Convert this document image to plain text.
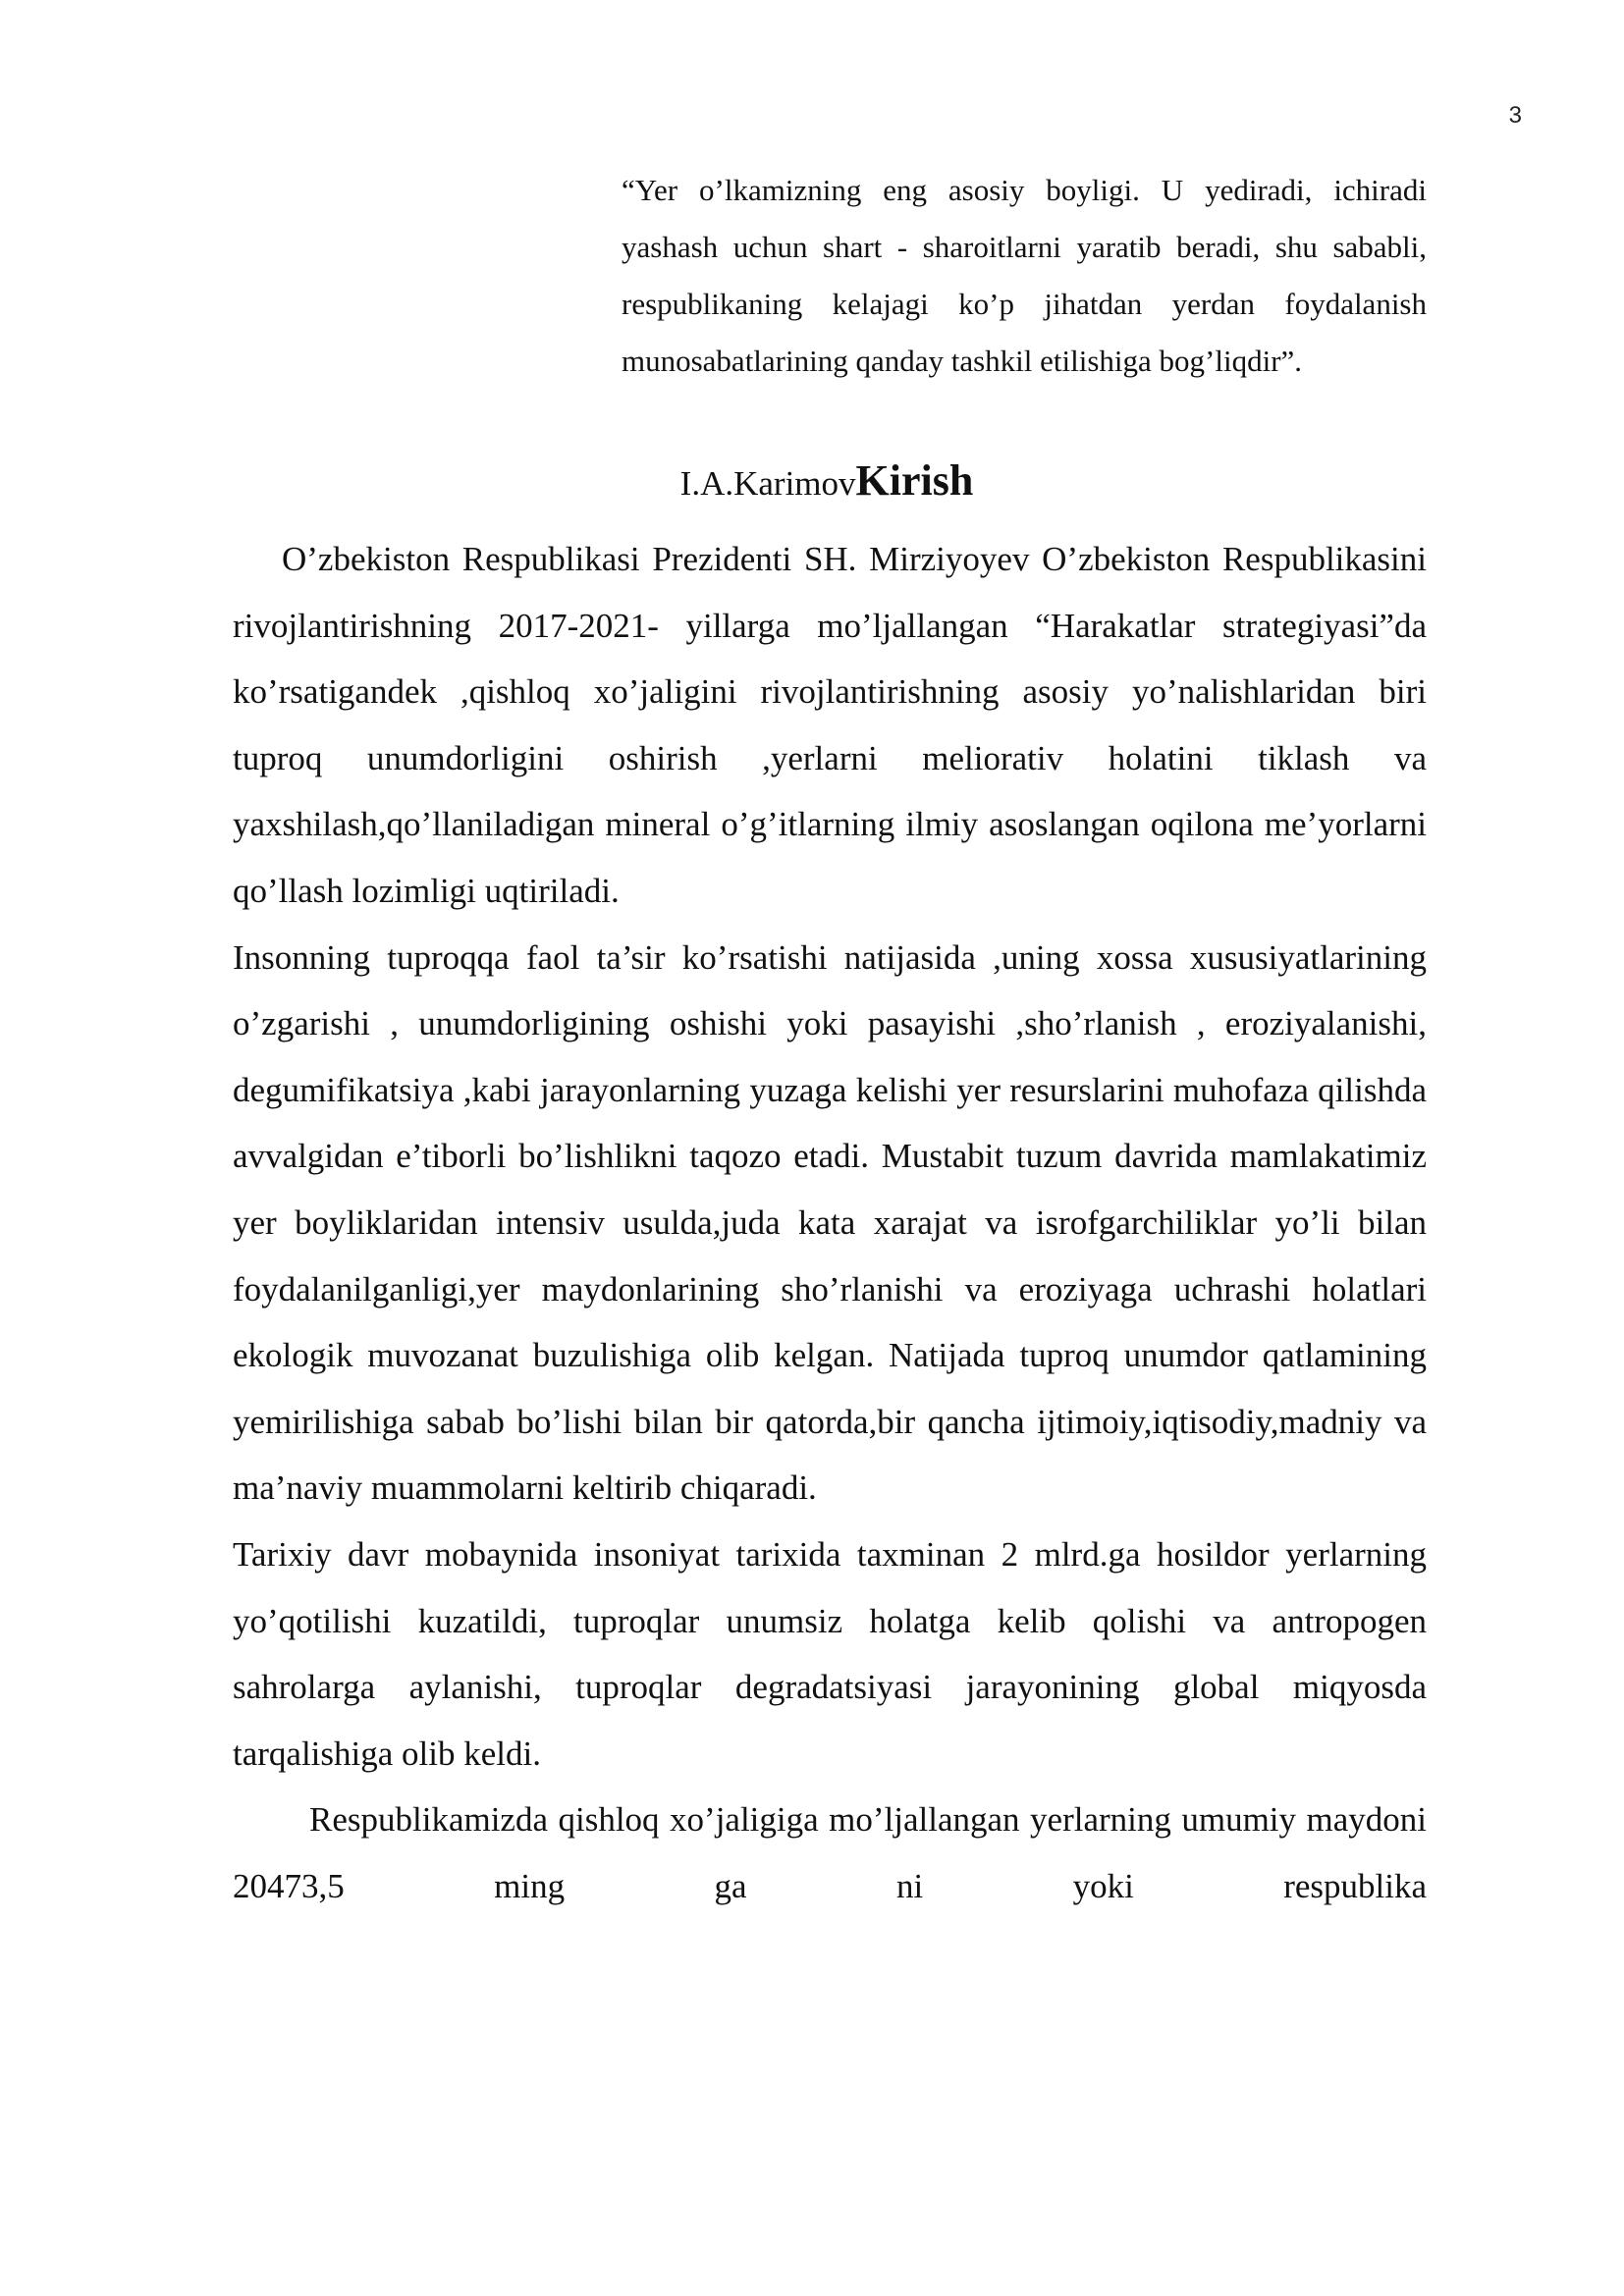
3
“Yer o’lkamizning eng asosiy boyligi. U yediradi, ichiradi yashash uchun shart - sharoitlarni yaratib beradi, shu sababli, respublikaning kelajagi ko’p jihatdan yerdan foydalanish munosabatlarining qanday tashkil etilishiga bog’liqdir”.
I.A.KarimovKirish

O’zbekiston Respublikasi Prezidenti SH. Mirziyoyev O’zbekiston Respublikasini rivojlantirishning 2017-2021- yillarga mo’ljallangan “Harakatlar strategiyasi”da ko’rsatigandek ,qishloq xo’jaligini rivojlantirishning asosiy yo’nalishlaridan biri tuproq unumdorligini oshirish ,yerlarni meliorativ holatini tiklash va yaxshilash,qo’llaniladigan mineral o’g’itlarning ilmiy asoslangan oqilona me’yorlarni qo’llash lozimligi uqtiriladi.

Insonning tuproqqa faol ta’sir ko’rsatishi natijasida ,uning xossa xususiyatlarining o’zgarishi , unumdorligining oshishi yoki pasayishi ,sho’rlanish , eroziyalanishi, degumifikatsiya ,kabi jarayonlarning yuzaga kelishi yer resurslarini muhofaza qilishda avvalgidan e’tiborli bo’lishlikni taqozo etadi. Mustabit tuzum davrida mamlakatimiz yer boyliklaridan intensiv usulda,juda kata xarajat va isrofgarchiliklar yo’li bilan foydalanilganligi,yer maydonlarining sho’rlanishi va eroziyaga uchrashi holatlari ekologik muvozanat buzulishiga olib kelgan. Natijada tuproq unumdor qatlamining yemirilishiga sabab bo’lishi bilan bir qatorda,bir qancha ijtimoiy,iqtisodiy,madniy va ma’naviy muammolarni keltirib chiqaradi.

Tarixiy davr mobaynida insoniyat tarixida taxminan 2 mlrd.ga hosildor yerlarning yo’qotilishi kuzatildi, tuproqlar unumsiz holatga kelib qolishi va antropogen sahrolarga aylanishi, tuproqlar degradatsiyasi jarayonining global miqyosda tarqalishiga olib keldi.

Respublikamizda qishloq xo’jaligiga mo’ljallangan yerlarning umumiy maydoni 20473,5 ming ga ni yoki respublika
